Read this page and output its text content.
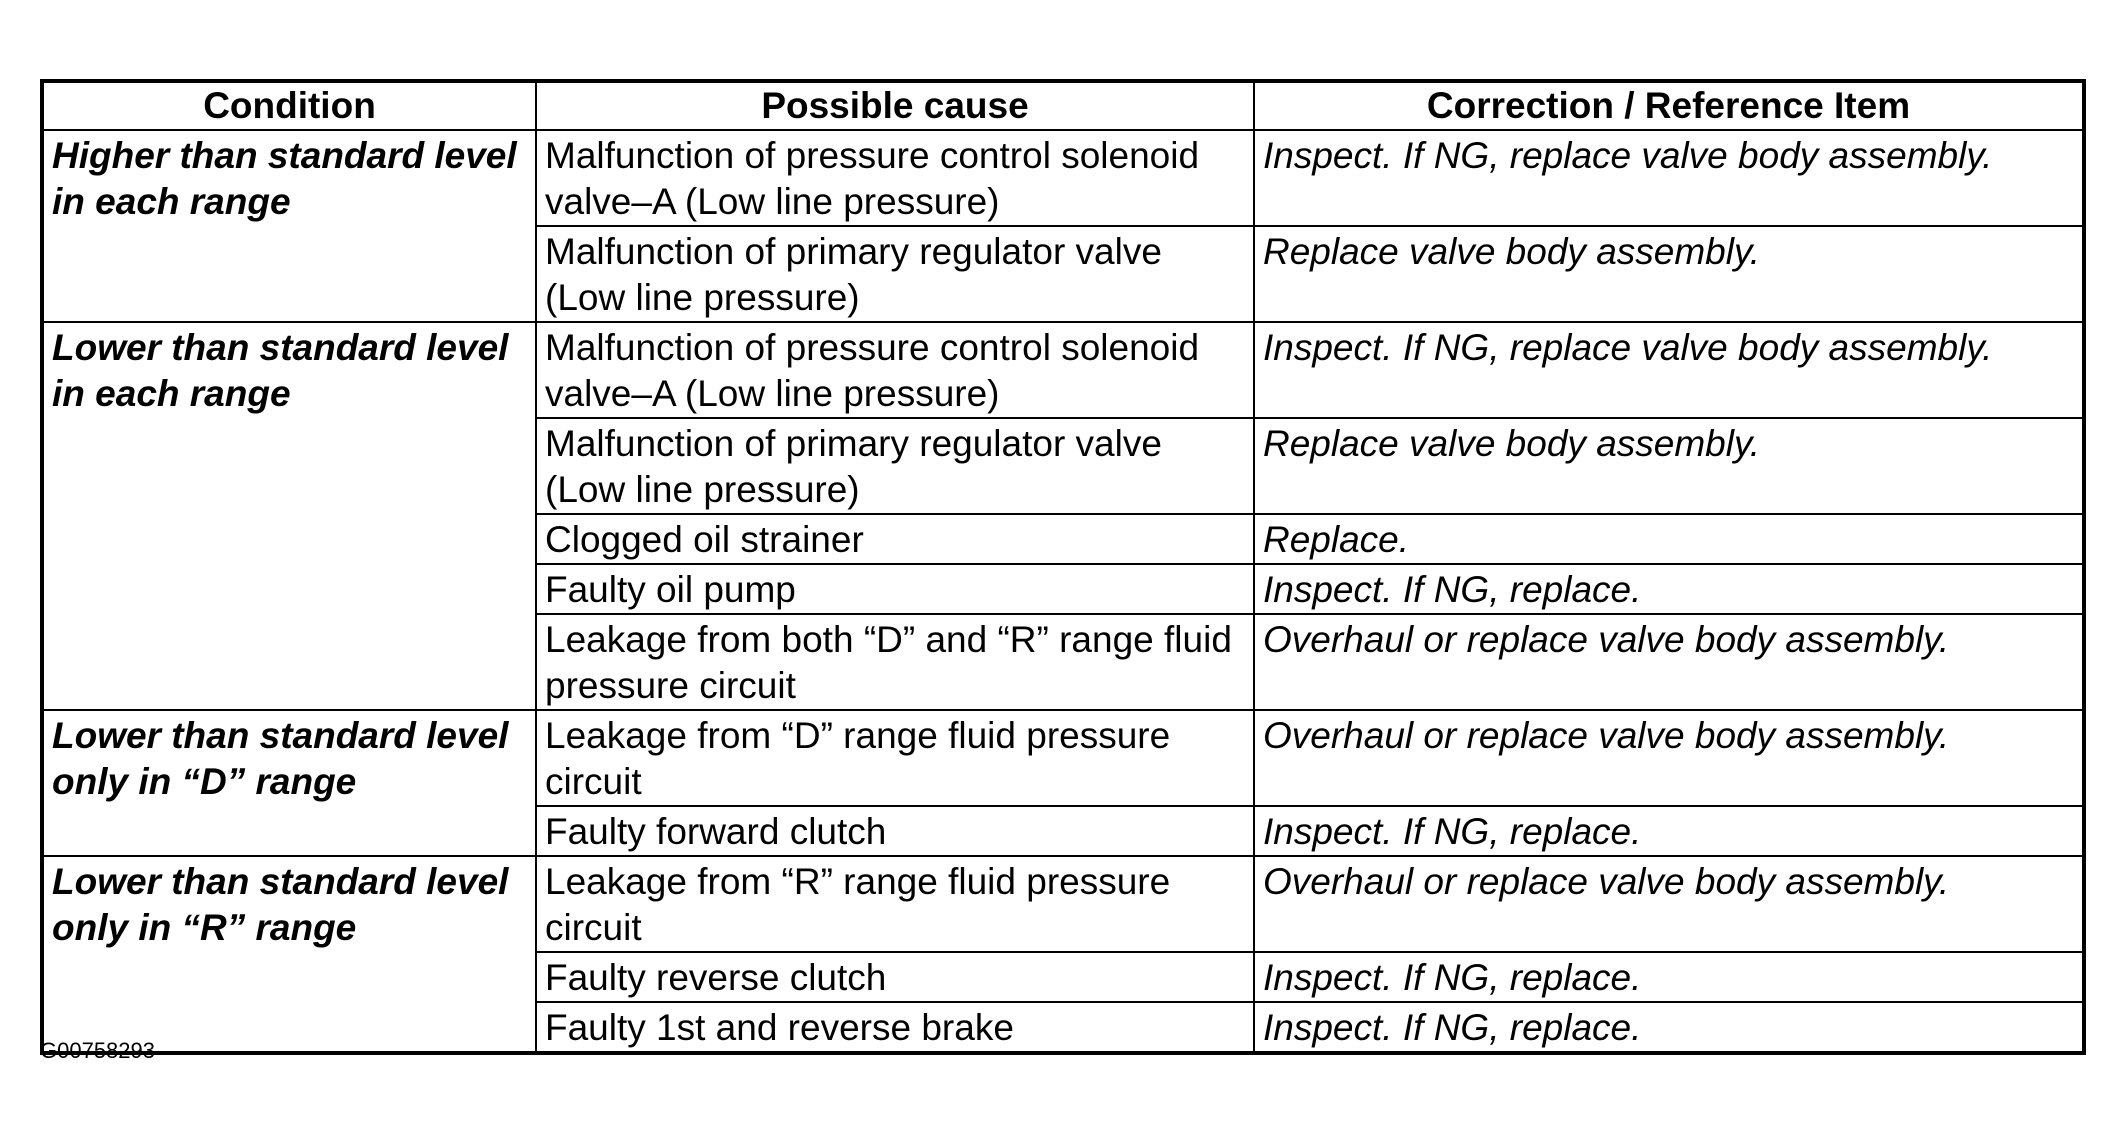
Condition	Possible cause	Correction / Reference Item
Higher than standard level in each range	Malfunction of pressure control solenoid valve–A (Low line pressure)	Inspect. If NG, replace valve body assembly.
	Malfunction of primary regulator valve (Low line pressure)	Replace valve body assembly.
Lower than standard level in each range	Malfunction of pressure control solenoid valve–A (Low line pressure)	Inspect. If NG, replace valve body assembly.
	Malfunction of primary regulator valve (Low line pressure)	Replace valve body assembly.
	Clogged oil strainer	Replace.
	Faulty oil pump	Inspect. If NG, replace.
	Leakage from both “D” and “R” range fluid pressure circuit	Overhaul or replace valve body assembly.
Lower than standard level only in “D” range	Leakage from “D” range fluid pressure circuit	Overhaul or replace valve body assembly.
	Faulty forward clutch	Inspect. If NG, replace.
Lower than standard level only in “R” range	Leakage from “R” range fluid pressure circuit	Overhaul or replace valve body assembly.
	Faulty reverse clutch	Inspect. If NG, replace.
	Faulty 1st and reverse brake	Inspect. If NG, replace.
G00758293
